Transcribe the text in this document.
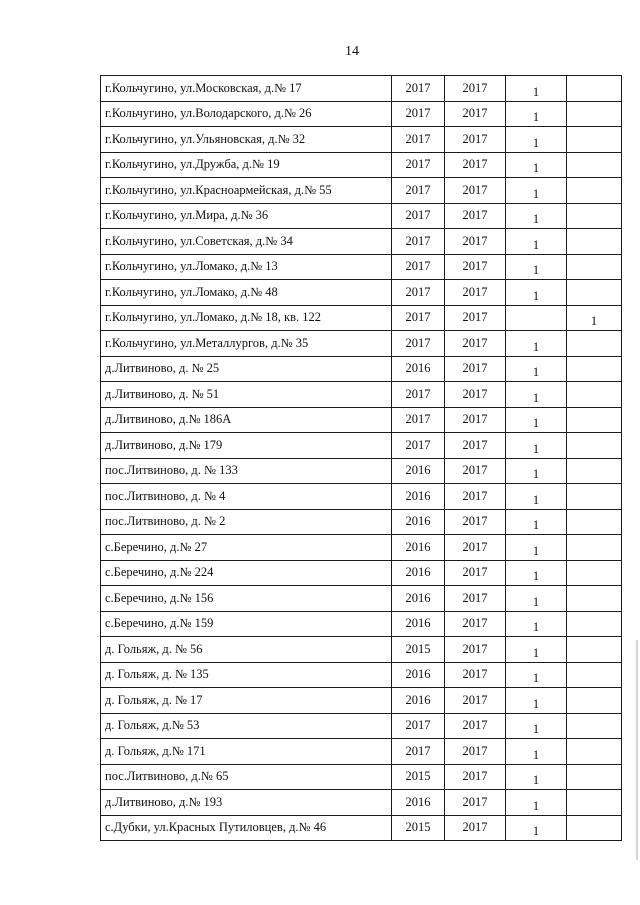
14
г.Кольчугино, ул.Московская, д.№ 17	2017	2017	1	
г.Кольчугино, ул.Володарского, д.№ 26	2017	2017	1	
г.Кольчугино, ул.Ульяновская, д.№ 32	2017	2017	1	
г.Кольчугино, ул.Дружба, д.№ 19	2017	2017	1	
г.Кольчугино, ул.Красноармейская, д.№ 55	2017	2017	1	
г.Кольчугино, ул.Мира, д.№ 36	2017	2017	1	
г.Кольчугино, ул.Советская, д.№ 34	2017	2017	1	
г.Кольчугино, ул.Ломако, д.№ 13	2017	2017	1	
г.Кольчугино, ул.Ломако, д.№ 48	2017	2017	1	
г.Кольчугино, ул.Ломако, д.№ 18, кв. 122	2017	2017		1
г.Кольчугино, ул.Металлургов, д.№ 35	2017	2017	1	
д.Литвиново, д. № 25	2016	2017	1	
д.Литвиново, д. № 51	2017	2017	1	
д.Литвиново, д.№ 186А	2017	2017	1	
д.Литвиново, д.№ 179	2017	2017	1	
пос.Литвиново, д. № 133	2016	2017	1	
пос.Литвиново, д. № 4	2016	2017	1	
пос.Литвиново, д. № 2	2016	2017	1	
с.Беречино, д.№ 27	2016	2017	1	
с.Беречино, д.№ 224	2016	2017	1	
с.Беречино, д.№ 156	2016	2017	1	
с.Беречино, д.№ 159	2016	2017	1	
д. Гольяж, д. № 56	2015	2017	1	
д. Гольяж, д. № 135	2016	2017	1	
д. Гольяж, д. № 17	2016	2017	1	
д. Гольяж, д.№ 53	2017	2017	1	
д. Гольяж, д.№ 171	2017	2017	1	
пос.Литвиново, д.№ 65	2015	2017	1	
д.Литвиново, д.№ 193	2016	2017	1	
с.Дубки, ул.Красных Путиловцев, д.№ 46	2015	2017	1	
